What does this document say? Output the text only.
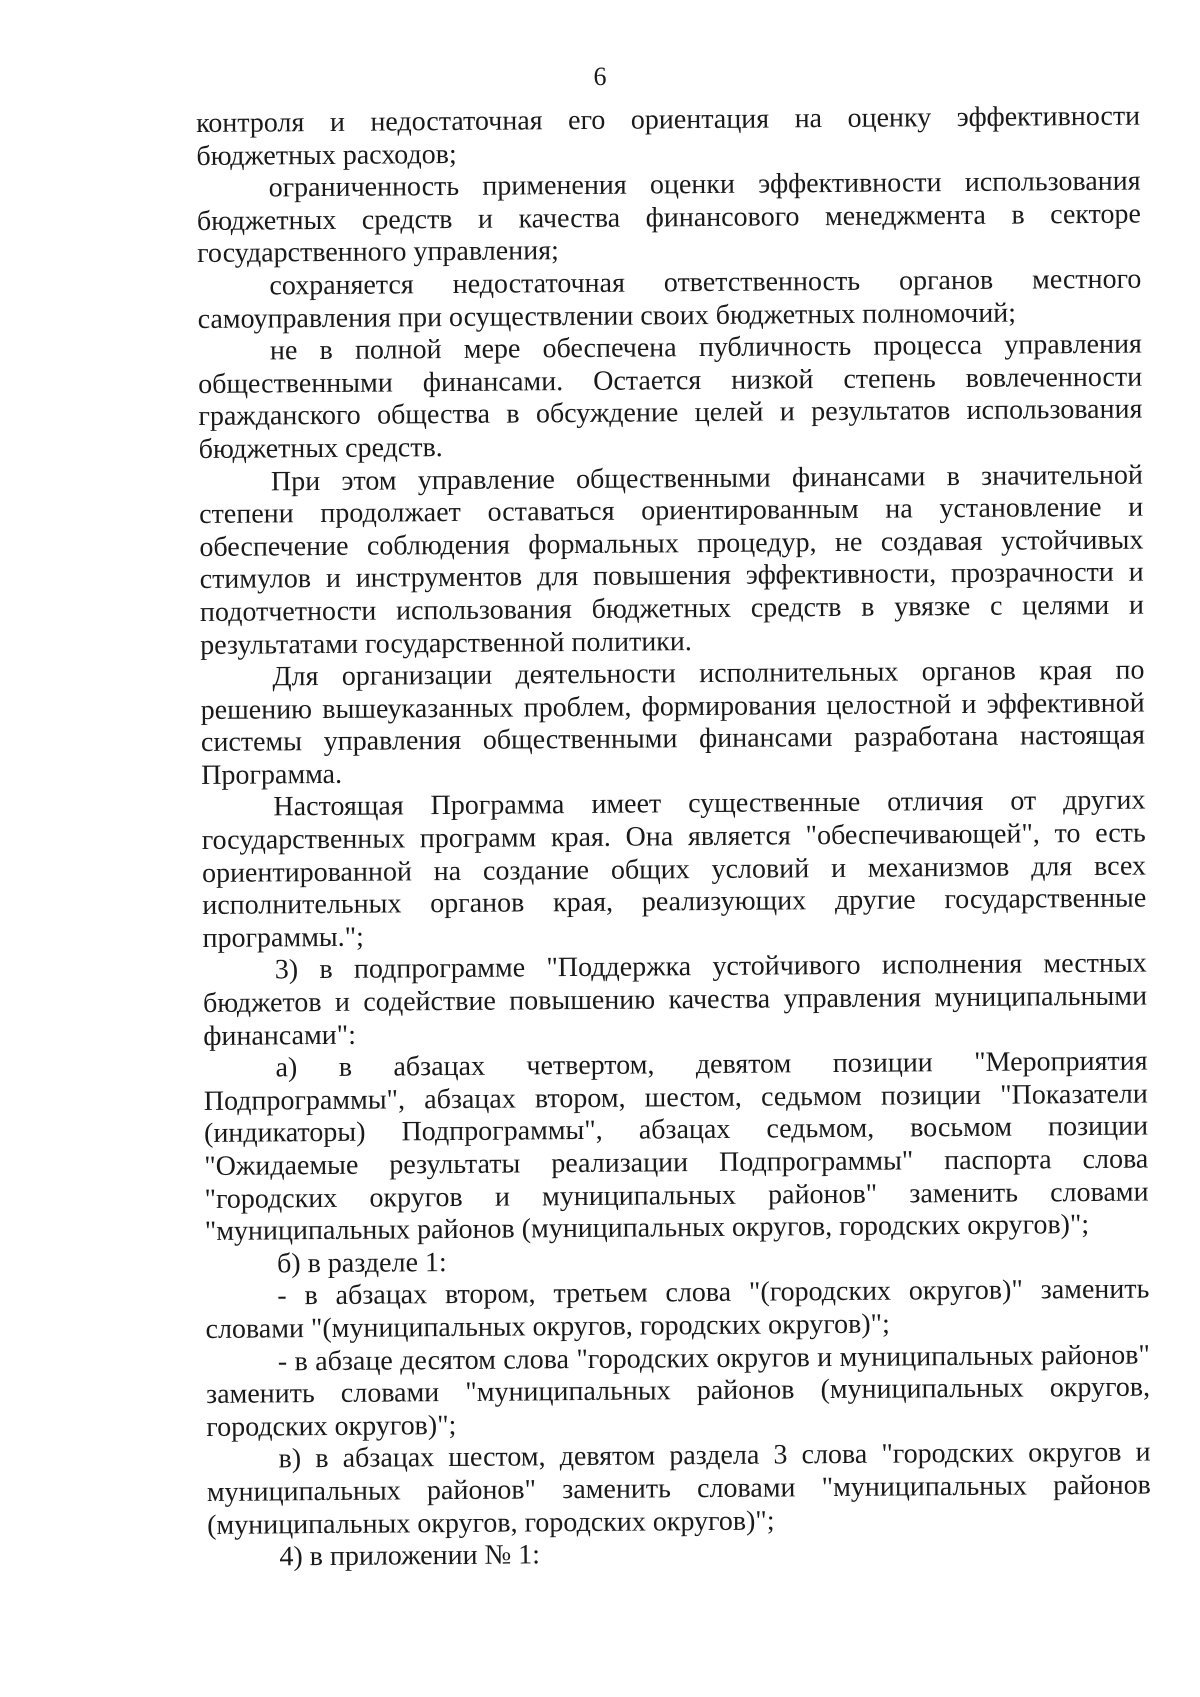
6

контроля и недостаточная его ориентация на оценку эффективности бюджетных расходов;

ограниченность применения оценки эффективности использования бюджетных средств и качества финансового менеджмента в секторе государственного управления;

сохраняется недостаточная ответственность органов местного самоуправления при осуществлении своих бюджетных полномочий;

не в полной мере обеспечена публичность процесса управления общественными финансами. Остается низкой степень вовлеченности гражданского общества в обсуждение целей и результатов использования бюджетных средств.

При этом управление общественными финансами в значительной степени продолжает оставаться ориентированным на установление и обеспечение соблюдения формальных процедур, не создавая устойчивых стимулов и инструментов для повышения эффективности, прозрачности и подотчетности использования бюджетных средств в увязке с целями и результатами государственной политики.

Для организации деятельности исполнительных органов края по решению вышеуказанных проблем, формирования целостной и эффективной системы управления общественными финансами разработана настоящая Программа.

Настоящая Программа имеет существенные отличия от других государственных программ края. Она является "обеспечивающей", то есть ориентированной на создание общих условий и механизмов для всех исполнительных органов края, реализующих другие государственные программы.";

3) в подпрограмме "Поддержка устойчивого исполнения местных бюджетов и содействие повышению качества управления муниципальными финансами":

а) в абзацах четвертом, девятом позиции "Мероприятия Подпрограммы", абзацах втором, шестом, седьмом позиции "Показатели (индикаторы) Подпрограммы", абзацах седьмом, восьмом позиции "Ожидаемые результаты реализации Подпрограммы" паспорта слова "городских округов и муниципальных районов" заменить словами "муниципальных районов (муниципальных округов, городских округов)";

б) в разделе 1:

- в абзацах втором, третьем слова "(городских округов)" заменить словами "(муниципальных округов, городских округов)";

- в абзаце десятом слова "городских округов и муниципальных районов" заменить словами "муниципальных районов (муниципальных округов, городских округов)";

в) в абзацах шестом, девятом раздела 3 слова "городских округов и муниципальных районов" заменить словами "муниципальных районов (муниципальных округов, городских округов)";

4) в приложении № 1:
